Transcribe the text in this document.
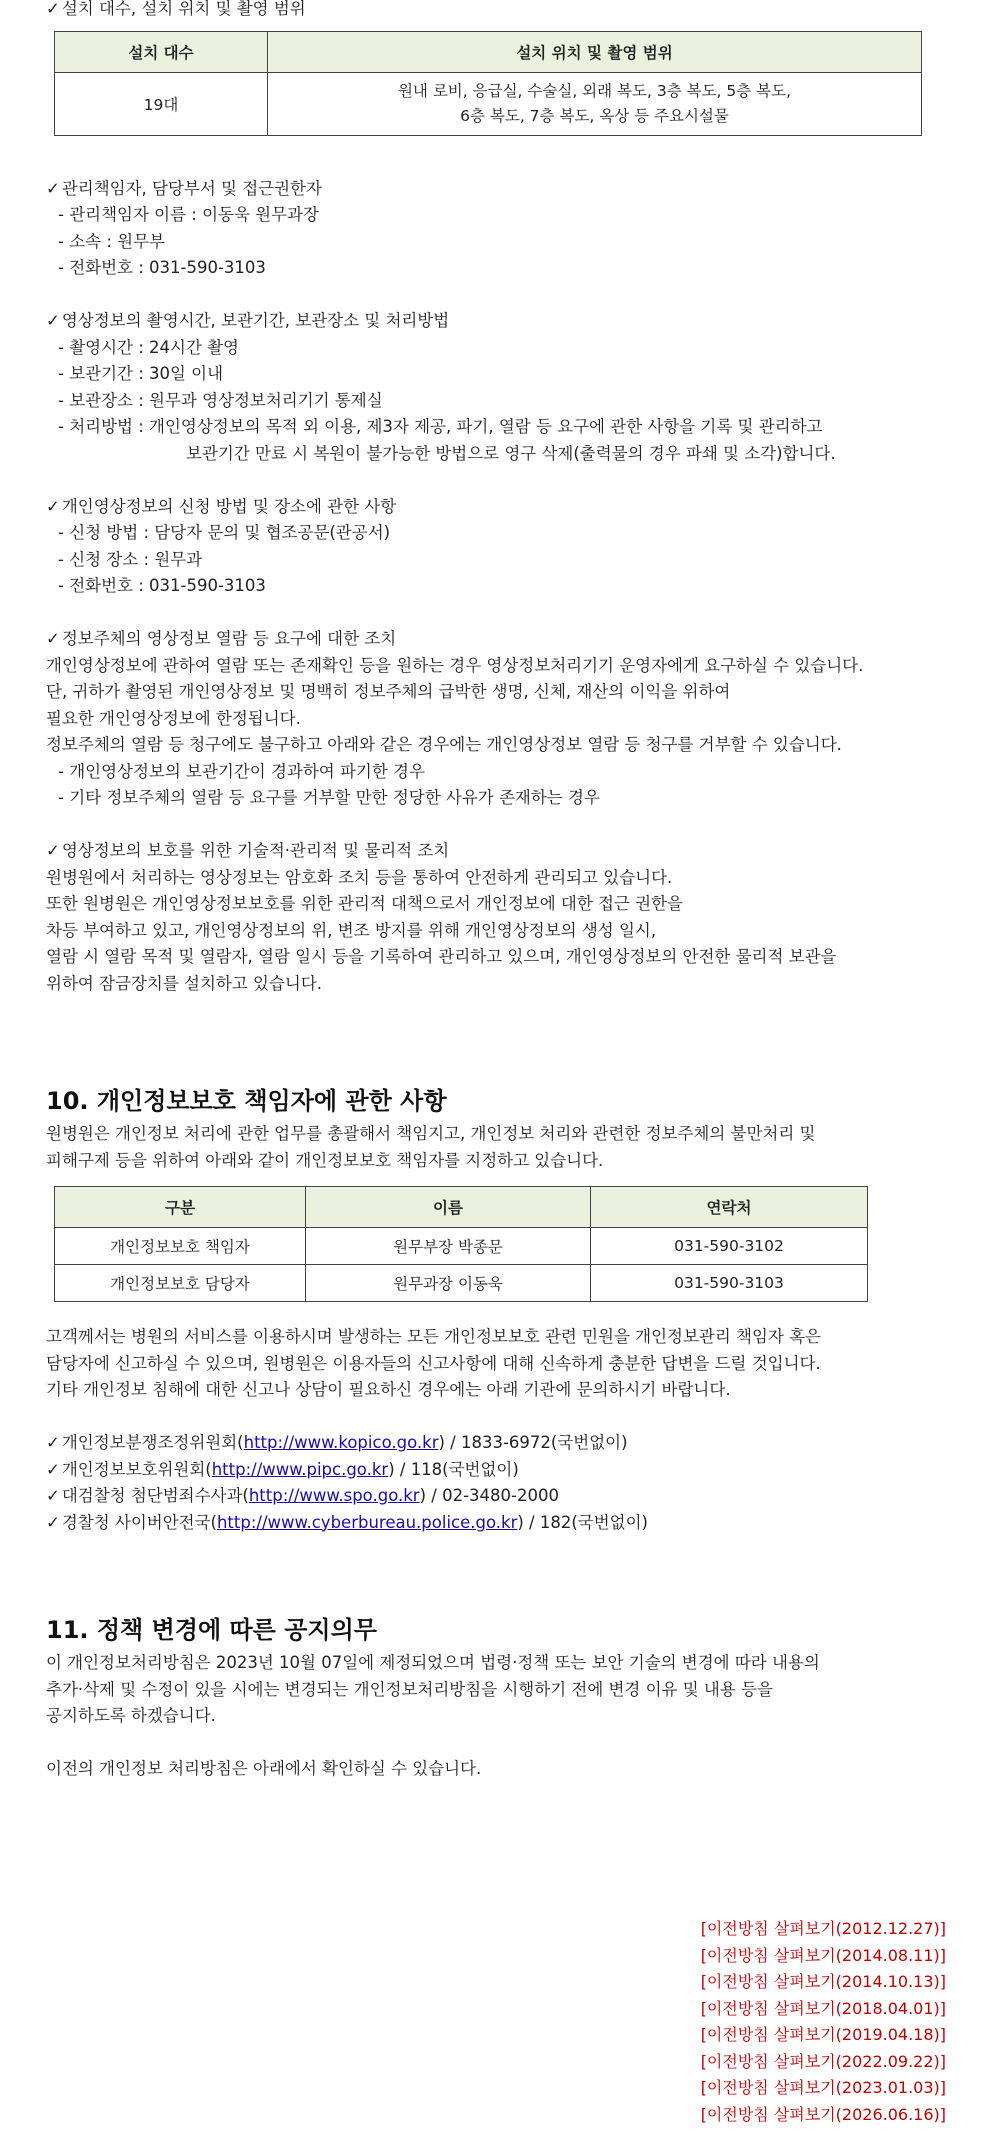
✓ 설치 대수, 설치 위치 및 촬영 범위
설치 대수	설치 위치 및 촬영 범위
19대	원내 로비, 응급실, 수술실, 외래 복도, 3층 복도, 5층 복도,
6층 복도, 7층 복도, 옥상 등 주요시설물
✓ 관리책임자, 담당부서 및 접근권한자
- 관리책임자 이름 : 이동욱 원무과장
- 소속 : 원무부
- 전화번호 : 031-590-3103
✓ 영상정보의 촬영시간, 보관기간, 보관장소 및 처리방법
- 촬영시간 : 24시간 촬영
- 보관기간 : 30일 이내
- 보관장소 : 원무과 영상정보처리기기 통제실
- 처리방법 : 개인영상정보의 목적 외 이용, 제3자 제공, 파기, 열람 등 요구에 관한 사항을 기록 및 관리하고
보관기간 만료 시 복원이 불가능한 방법으로 영구 삭제(출력물의 경우 파쇄 및 소각)합니다.
✓ 개인영상정보의 신청 방법 및 장소에 관한 사항
- 신청 방법 : 담당자 문의 및 협조공문(관공서)
- 신청 장소 : 원무과
- 전화번호 : 031-590-3103
✓ 정보주체의 영상정보 열람 등 요구에 대한 조치
개인영상정보에 관하여 열람 또는 존재확인 등을 원하는 경우 영상정보처리기기 운영자에게 요구하실 수 있습니다.
단, 귀하가 촬영된 개인영상정보 및 명백히 정보주체의 급박한 생명, 신체, 재산의 이익을 위하여
필요한 개인영상정보에 한정됩니다.
정보주체의 열람 등 청구에도 불구하고 아래와 같은 경우에는 개인영상정보 열람 등 청구를 거부할 수 있습니다.
- 개인영상정보의 보관기간이 경과하여 파기한 경우
- 기타 정보주체의 열람 등 요구를 거부할 만한 정당한 사유가 존재하는 경우
✓ 영상정보의 보호를 위한 기술적·관리적 및 물리적 조치
원병원에서 처리하는 영상정보는 암호화 조치 등을 통하여 안전하게 관리되고 있습니다.
또한 원병원은 개인영상정보보호를 위한 관리적 대책으로서 개인정보에 대한 접근 권한을
차등 부여하고 있고, 개인영상정보의 위, 변조 방지를 위해 개인영상정보의 생성 일시,
열람 시 열람 목적 및 열람자, 열람 일시 등을 기록하여 관리하고 있으며, 개인영상정보의 안전한 물리적 보관을
위하여 잠금장치를 설치하고 있습니다.
10. 개인정보보호 책임자에 관한 사항
원병원은 개인정보 처리에 관한 업무를 총괄해서 책임지고, 개인정보 처리와 관련한 정보주체의 불만처리 및
피해구제 등을 위하여 아래와 같이 개인정보보호 책임자를 지정하고 있습니다.
구분	이름	연락처
개인정보보호 책임자	원무부장 박종문	031-590-3102
개인정보보호 담당자	원무과장 이동욱	031-590-3103
고객께서는 병원의 서비스를 이용하시며 발생하는 모든 개인정보보호 관련 민원을 개인정보관리 책임자 혹은
담당자에 신고하실 수 있으며, 원병원은 이용자들의 신고사항에 대해 신속하게 충분한 답변을 드릴 것입니다.
기타 개인정보 침해에 대한 신고나 상담이 필요하신 경우에는 아래 기관에 문의하시기 바랍니다.
✓ 개인정보분쟁조정위원회(http://www.kopico.go.kr) / 1833-6972(국번없이)
✓ 개인정보보호위원회(http://www.pipc.go.kr) / 118(국번없이)
✓ 대검찰청 첨단범죄수사과(http://www.spo.go.kr) / 02-3480-2000
✓ 경찰청 사이버안전국(http://www.cyberbureau.police.go.kr) / 182(국번없이)
11. 정책 변경에 따른 공지의무
이 개인정보처리방침은 2023년 10월 07일에 제정되었으며 법령·정책 또는 보안 기술의 변경에 따라 내용의
추가·삭제 및 수정이 있을 시에는 변경되는 개인정보처리방침을 시행하기 전에 변경 이유 및 내용 등을
공지하도록 하겠습니다.
이전의 개인정보 처리방침은 아래에서 확인하실 수 있습니다.
[이전방침 살펴보기(2012.12.27)]
[이전방침 살펴보기(2014.08.11)]
[이전방침 살펴보기(2014.10.13)]
[이전방침 살펴보기(2018.04.01)]
[이전방침 살펴보기(2019.04.18)]
[이전방침 살펴보기(2022.09.22)]
[이전방침 살펴보기(2023.01.03)]
[이전방침 살펴보기(2026.06.16)]
